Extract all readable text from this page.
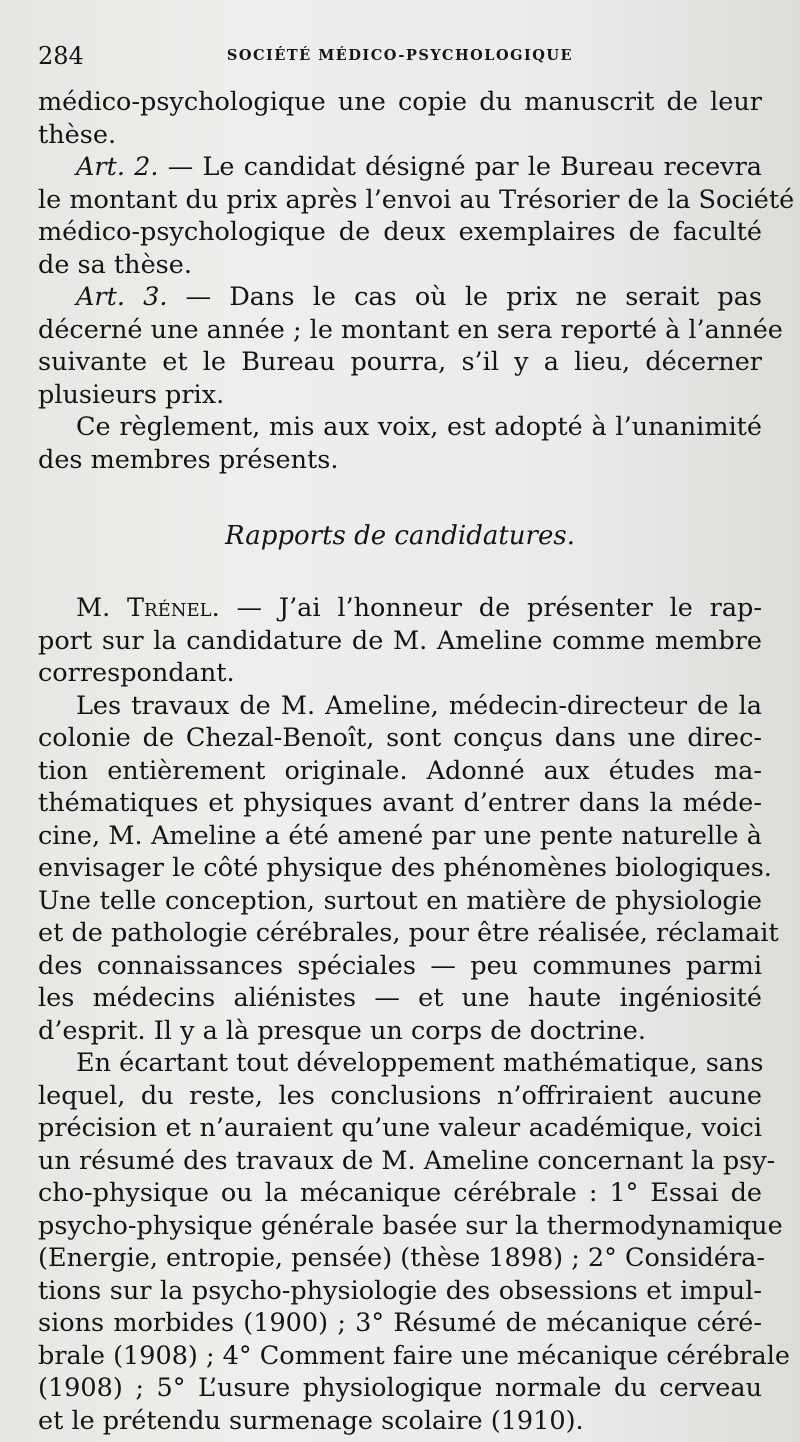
284	SOCIÉTÉ MÉDICO-PSYCHOLOGIQUE
médico-psychologique une copie du manuscrit de leur
thèse.
Art. 2. — Le candidat désigné par le Bureau recevra
le montant du prix après l’envoi au Trésorier de la Société
médico-psychologique de deux exemplaires de faculté
de sa thèse.
Art. 3. — Dans le cas où le prix ne serait pas
décerné une année ; le montant en sera reporté à l’année
suivante et le Bureau pourra, s’il y a lieu, décerner
plusieurs prix.
Ce règlement, mis aux voix, est adopté à l’unanimité
des membres présents.
Rapports de candidatures.
M. Trénel. — J’ai l’honneur de présenter le rap-
port sur la candidature de M. Ameline comme membre
correspondant.
Les travaux de M. Ameline, médecin-directeur de la
colonie de Chezal-Benoît, sont conçus dans une direc-
tion entièrement originale. Adonné aux études ma-
thématiques et physiques avant d’entrer dans la méde-
cine, M. Ameline a été amené par une pente naturelle à
envisager le côté physique des phénomènes biologiques.
Une telle conception, surtout en matière de physiologie
et de pathologie cérébrales, pour être réalisée, réclamait
des connaissances spéciales — peu communes parmi
les médecins aliénistes — et une haute ingéniosité
d’esprit. Il y a là presque un corps de doctrine.
En écartant tout développement mathématique, sans
lequel, du reste, les conclusions n’offriraient aucune
précision et n’auraient qu’une valeur académique, voici
un résumé des travaux de M. Ameline concernant la psy-
cho-physique ou la mécanique cérébrale : 1° Essai de
psycho-physique générale basée sur la thermodynamique
(Energie, entropie, pensée) (thèse 1898) ; 2° Considéra-
tions sur la psycho-physiologie des obsessions et impul-
sions morbides (1900) ; 3° Résumé de mécanique céré-
brale (1908) ; 4° Comment faire une mécanique cérébrale
(1908) ; 5° L’usure physiologique normale du cerveau
et le prétendu surmenage scolaire (1910).
